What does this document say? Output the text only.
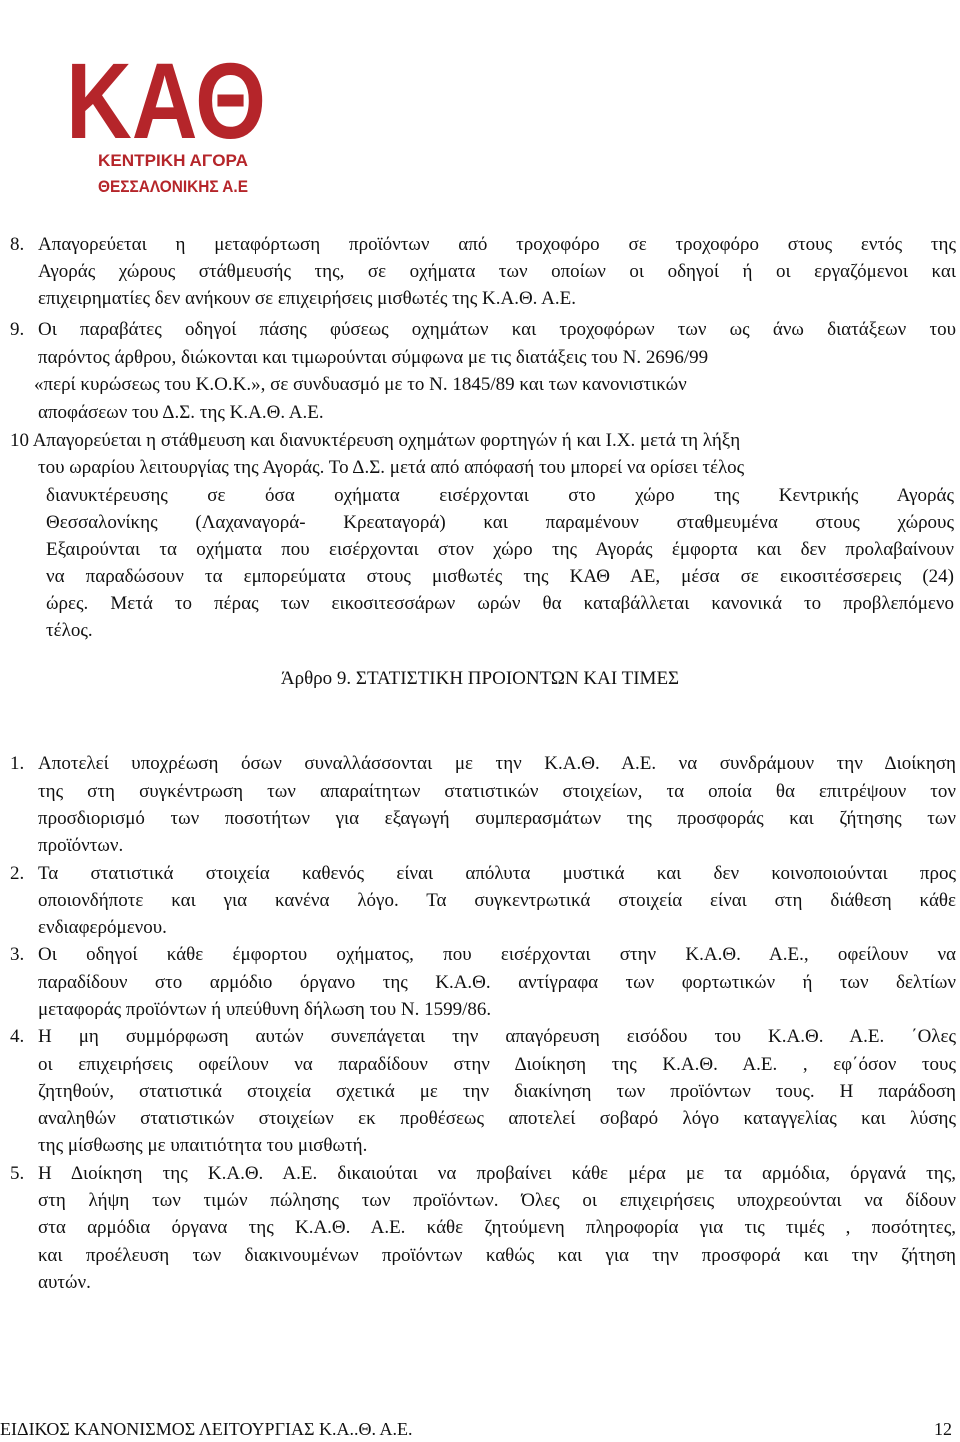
ΚΑΘ
ΚΕΝΤΡΙΚΗ ΑΓΟΡΑ
ΘΕΣΣΑΛΟΝΙΚΗΣ Α.Ε
8. Απαγορεύεται η μεταφόρτωση προϊόντων από τροχοφόρο σε τροχοφόρο στους εντός της
Αγοράς χώρους στάθμευσής της, σε οχήματα των οποίων οι οδηγοί ή οι εργαζόμενοι και
επιχειρηματίες δεν ανήκουν σε επιχειρήσεις μισθωτές της Κ.Α.Θ. Α.Ε.
9. Οι παραβάτες οδηγοί πάσης φύσεως οχημάτων και τροχοφόρων των ως άνω διατάξεων του
παρόντος άρθρου, διώκονται και τιμωρούνται σύμφωνα με τις διατάξεις του Ν. 2696/99
«περί κυρώσεως του Κ.Ο.Κ.», σε συνδυασμό με το Ν. 1845/89 και των κανονιστικών
αποφάσεων του Δ.Σ. της Κ.Α.Θ. Α.Ε.
10 Απαγορεύεται η στάθμευση και διανυκτέρευση οχημάτων φορτηγών ή και Ι.Χ. μετά τη λήξη
του ωραρίου λειτουργίας της Αγοράς. Το Δ.Σ. μετά από απόφασή του μπορεί να ορίσει τέλος
διανυκτέρευσης σε όσα οχήματα εισέρχονται στο χώρο της Κεντρικής Αγοράς
Θεσσαλονίκης (Λαχαναγορά- Κρεαταγορά) και παραμένουν σταθμευμένα στους χώρους
Εξαιρούνται τα οχήματα που εισέρχονται στον χώρο της Αγοράς έμφορτα και δεν προλαβαίνουν
να παραδώσουν τα εμπορεύματα στους μισθωτές της ΚΑΘ ΑΕ, μέσα σε εικοσιτέσσερεις (24)
ώρες. Μετά το πέρας των εικοσιτεσσάρων ωρών θα καταβάλλεται κανονικά το προβλεπόμενο
τέλος.
Άρθρο 9. ΣΤΑΤΙΣΤΙΚΗ ΠΡΟΙΟΝΤΩΝ ΚΑΙ ΤΙΜΕΣ
1. Αποτελεί υποχρέωση όσων συναλλάσσονται με την Κ.Α.Θ. Α.Ε. να συνδράμουν την Διοίκηση
της στη συγκέντρωση των απαραίτητων στατιστικών στοιχείων, τα οποία θα επιτρέψουν τον
προσδιορισμό των ποσοτήτων για εξαγωγή συμπερασμάτων της προσφοράς και ζήτησης των
προϊόντων.
2. Τα στατιστικά στοιχεία καθενός είναι απόλυτα μυστικά και δεν κοινοποιούνται προς
οποιονδήποτε και για κανένα λόγο. Τα συγκεντρωτικά στοιχεία είναι στη διάθεση κάθε
ενδιαφερόμενου.
3. Οι οδηγοί κάθε έμφορτου οχήματος, που εισέρχονται στην Κ.Α.Θ. Α.Ε., οφείλουν να
παραδίδουν στο αρμόδιο όργανο της Κ.Α.Θ. αντίγραφα των φορτωτικών ή των δελτίων
μεταφοράς προϊόντων ή υπεύθυνη δήλωση του Ν. 1599/86.
4. Η μη συμμόρφωση αυτών συνεπάγεται την απαγόρευση εισόδου του Κ.Α.Θ. Α.Ε. ΄Ολες
οι επιχειρήσεις οφείλουν να παραδίδουν στην Διοίκηση της Κ.Α.Θ. Α.Ε. , εφ΄όσον τους
ζητηθούν, στατιστικά στοιχεία σχετικά με την διακίνηση των προϊόντων τους. Η παράδοση
αναληθών στατιστικών στοιχείων εκ προθέσεως αποτελεί σοβαρό λόγο καταγγελίας και λύσης
της μίσθωσης με υπαιτιότητα του μισθωτή.
5. Η Διοίκηση της Κ.Α.Θ. Α.Ε. δικαιούται να προβαίνει κάθε μέρα με τα αρμόδια, όργανά της,
στη λήψη των τιμών πώλησης των προϊόντων. Όλες οι επιχειρήσεις υποχρεούνται να δίδουν
στα αρμόδια όργανα της Κ.Α.Θ. Α.Ε. κάθε ζητούμενη πληροφορία για τις τιμές , ποσότητες,
και προέλευση των διακινουμένων προϊόντων καθώς και για την προσφορά και την ζήτηση
αυτών.
ΕΙΔΙΚΟΣ ΚΑΝΟΝΙΣΜΟΣ ΛΕΙΤΟΥΡΓΙΑΣ Κ.Α..Θ. Α.Ε.	12
